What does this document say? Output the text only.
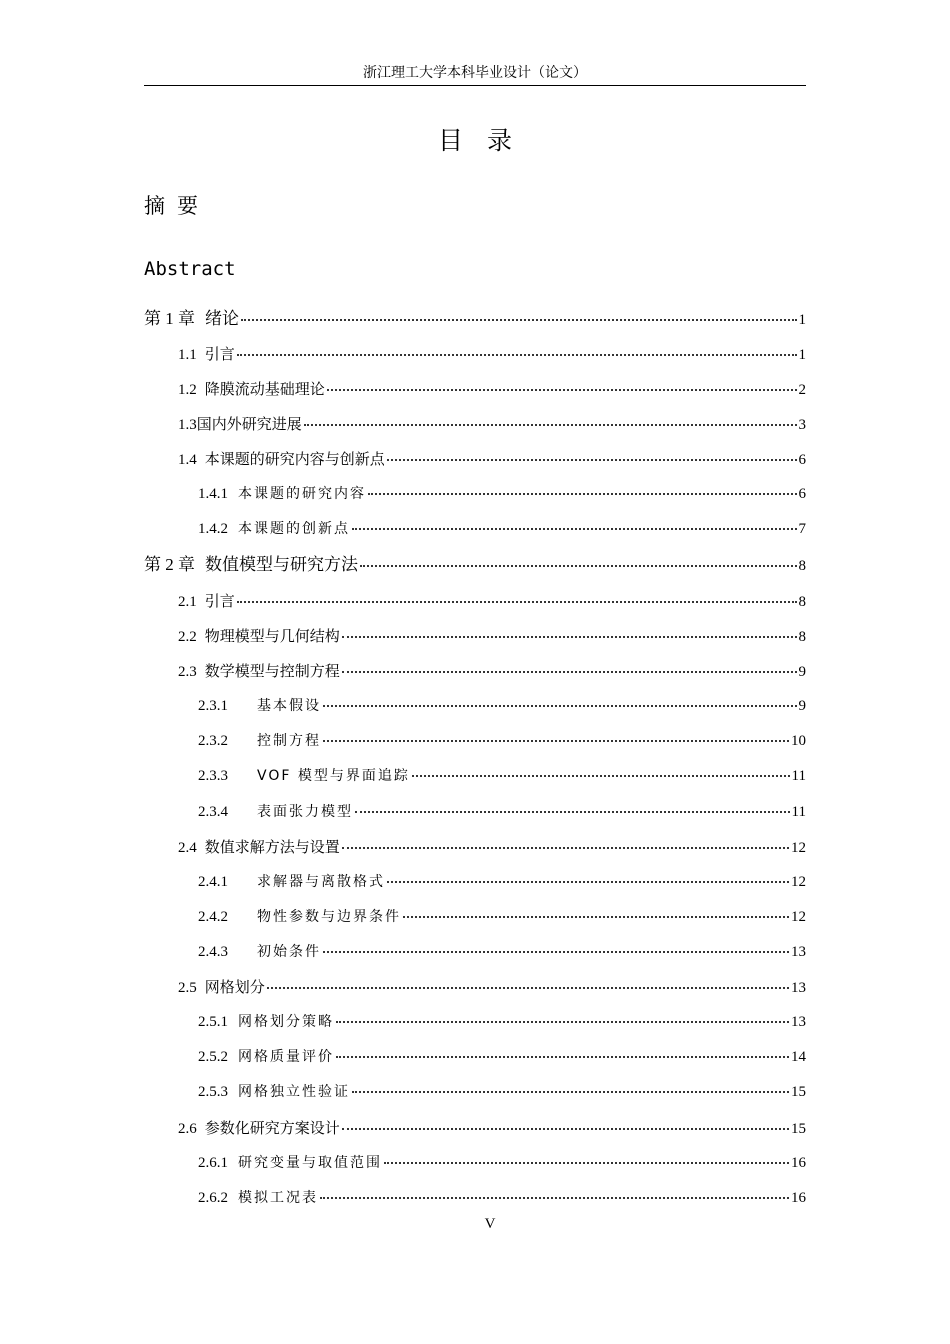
浙江理工大学本科毕业设计（论文）
目录
摘要
Abstract
第 1 章 绪论	1
1.1 引言	1
1.2 降膜流动基础理论	2
1.3 国内外研究进展	3
1.4 本课题的研究内容与创新点	6
1.4.1 本课题的研究内容	6
1.4.2 本课题的创新点	7
第 2 章 数值模型与研究方法	8
2.1 引言	8
2.2 物理模型与几何结构	8
2.3 数学模型与控制方程	9
2.3.1	基本假设	9
2.3.2	控制方程	10
2.3.3	VOF 模型与界面追踪	11
2.3.4	表面张力模型	11
2.4 数值求解方法与设置	12
2.4.1	求解器与离散格式	12
2.4.2	物性参数与边界条件	12
2.4.3	初始条件	13
2.5 网格划分	13
2.5.1 网格划分策略	13
2.5.2 网格质量评价	14
2.5.3 网格独立性验证	15
2.6 参数化研究方案设计	15
2.6.1 研究变量与取值范围	16
2.6.2 模拟工况表	16
V
